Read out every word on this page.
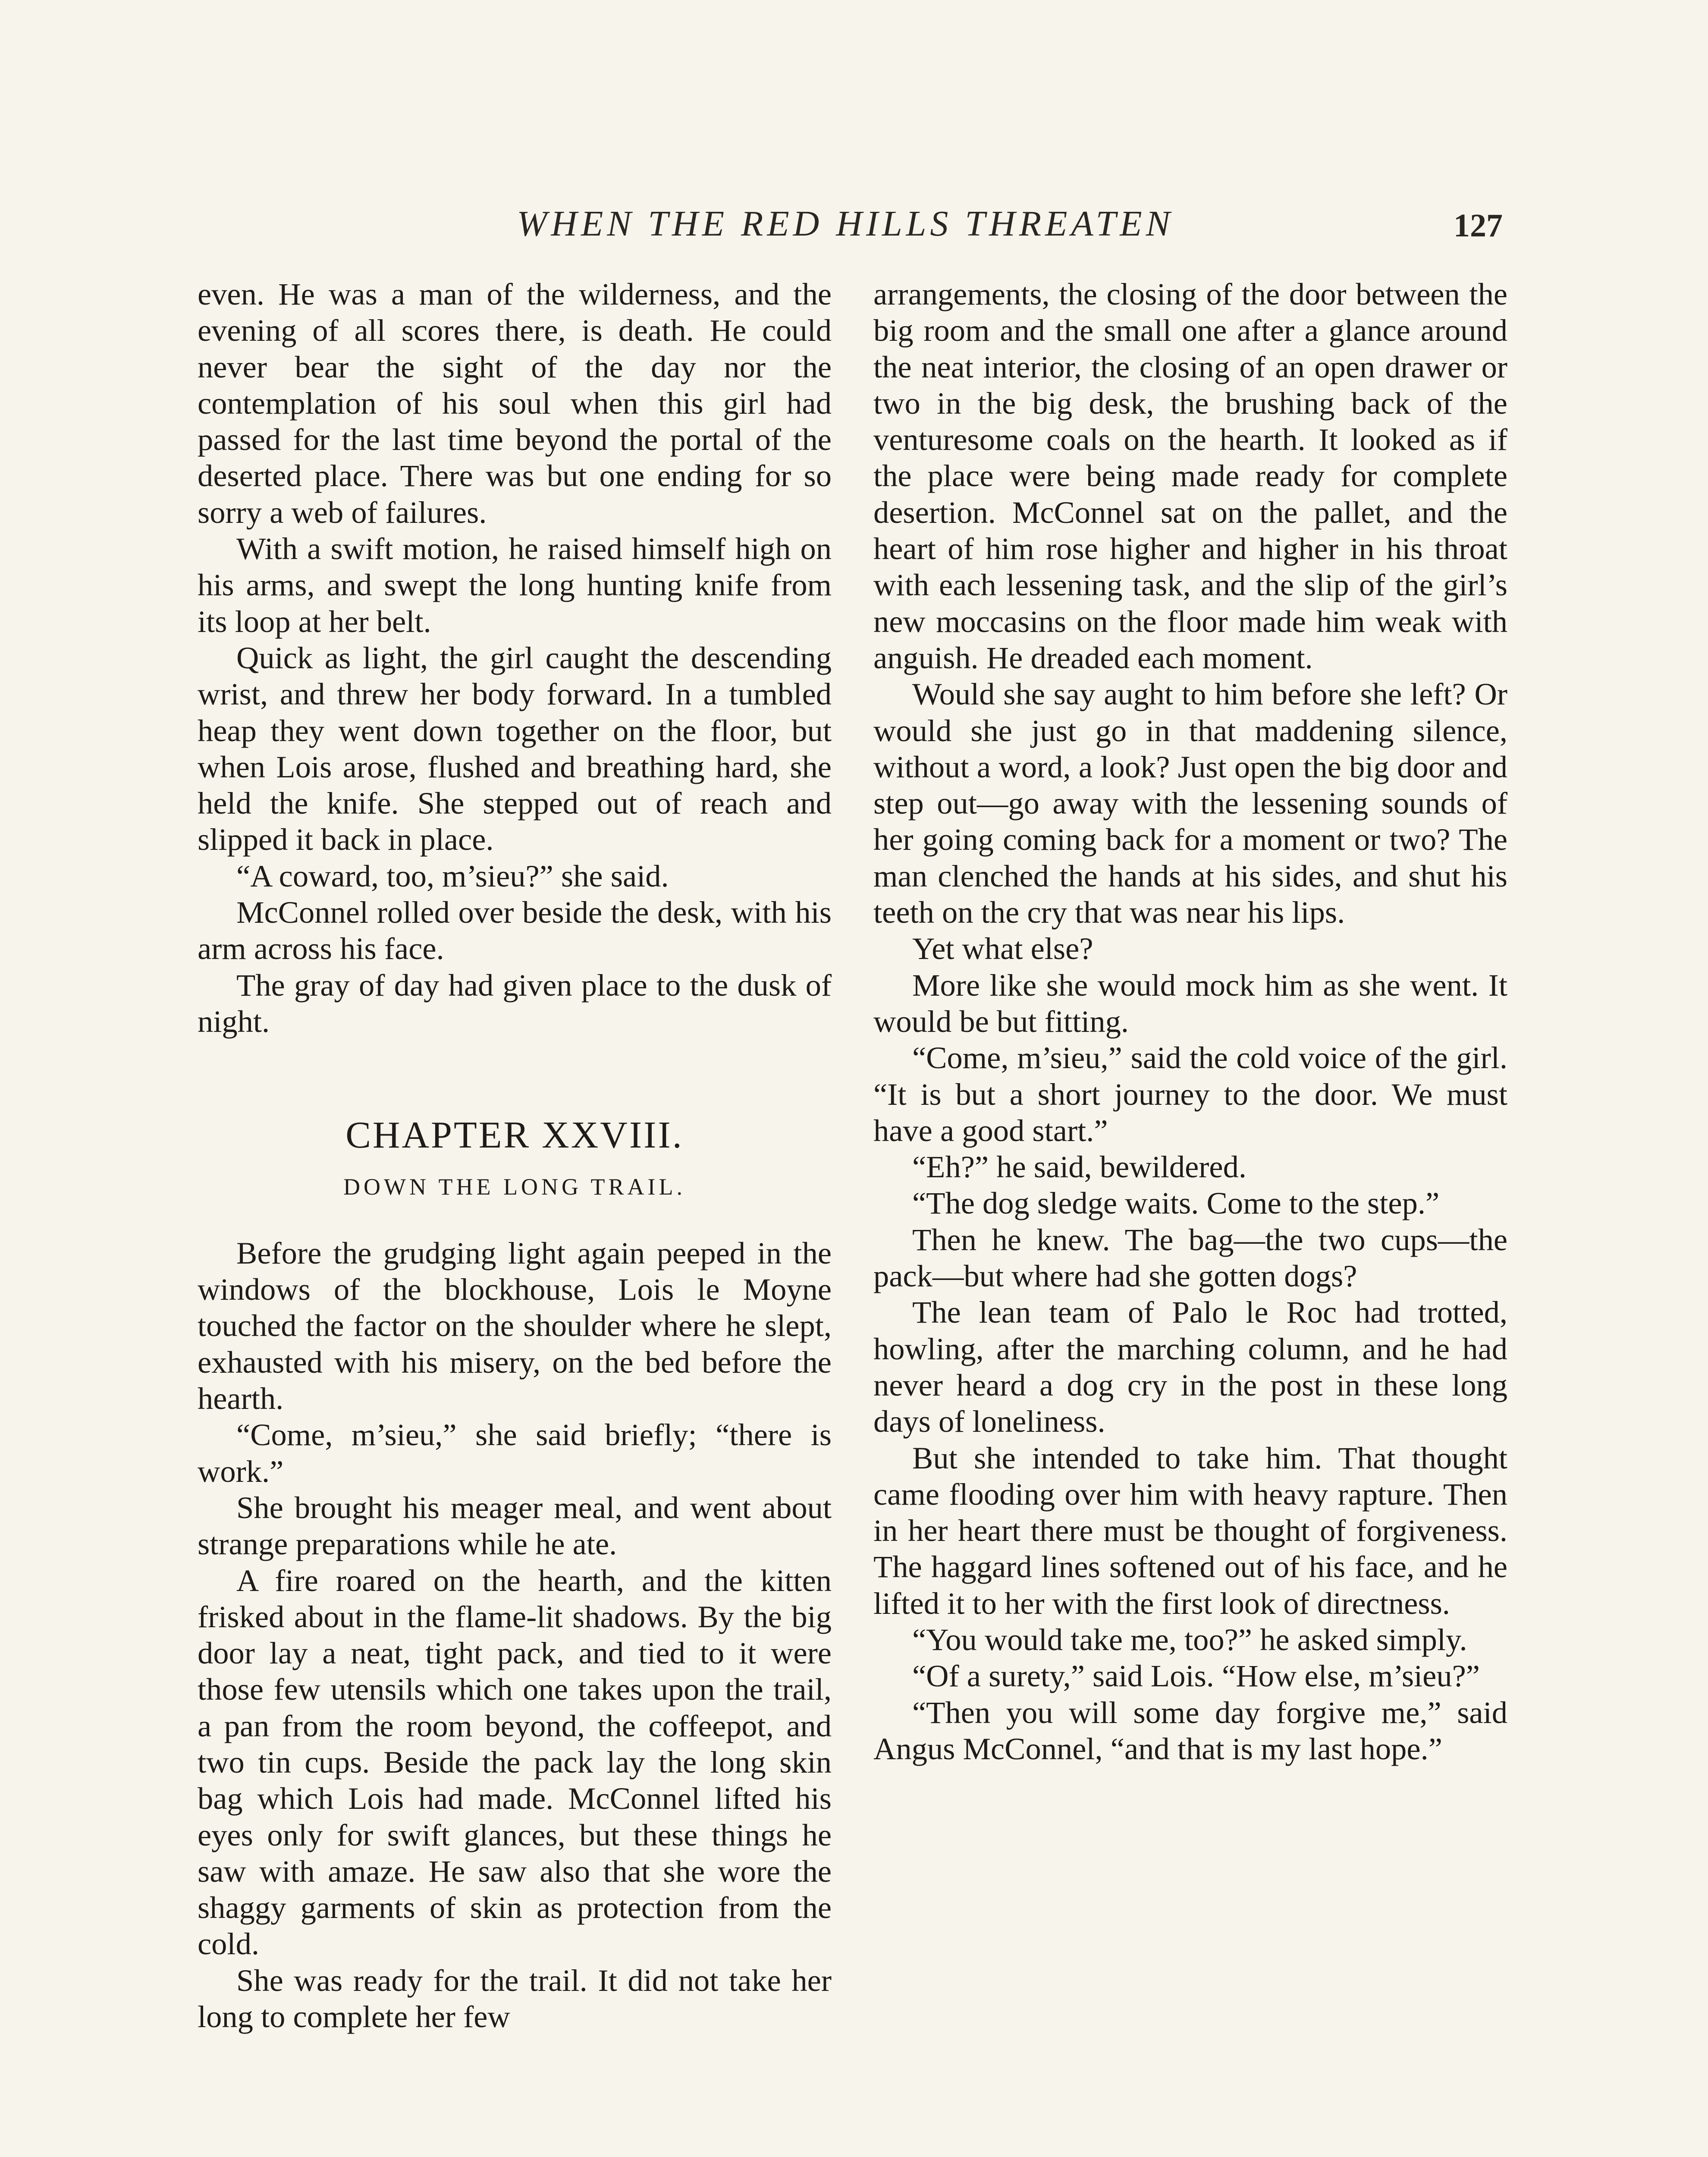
WHEN THE RED HILLS THREATEN	127

even. He was a man of the wilderness, and the evening of all scores there, is death. He could never bear the sight of the day nor the contemplation of his soul when this girl had passed for the last time beyond the portal of the deserted place. There was but one ending for so sorry a web of failures.

With a swift motion, he raised himself high on his arms, and swept the long hunting knife from its loop at her belt.

Quick as light, the girl caught the descending wrist, and threw her body forward. In a tumbled heap they went down together on the floor, but when Lois arose, flushed and breathing hard, she held the knife. She stepped out of reach and slipped it back in place.

“A coward, too, m’sieu?” she said.

McConnel rolled over beside the desk, with his arm across his face.

The gray of day had given place to the dusk of night.

CHAPTER XXVIII.
DOWN THE LONG TRAIL.

Before the grudging light again peeped in the windows of the blockhouse, Lois le Moyne touched the factor on the shoulder where he slept, exhausted with his misery, on the bed before the hearth.

“Come, m’sieu,” she said briefly; “there is work.”

She brought his meager meal, and went about strange preparations while he ate.

A fire roared on the hearth, and the kitten frisked about in the flame-lit shadows. By the big door lay a neat, tight pack, and tied to it were those few utensils which one takes upon the trail, a pan from the room beyond, the coffeepot, and two tin cups. Beside the pack lay the long skin bag which Lois had made. McConnel lifted his eyes only for swift glances, but these things he saw with amaze. He saw also that she wore the shaggy garments of skin as protection from the cold.

She was ready for the trail. It did not take her long to complete her few

arrangements, the closing of the door between the big room and the small one after a glance around the neat interior, the closing of an open drawer or two in the big desk, the brushing back of the venturesome coals on the hearth. It looked as if the place were being made ready for complete desertion. McConnel sat on the pallet, and the heart of him rose higher and higher in his throat with each lessening task, and the slip of the girl’s new moccasins on the floor made him weak with anguish. He dreaded each moment.

Would she say aught to him before she left? Or would she just go in that maddening silence, without a word, a look? Just open the big door and step out—go away with the lessening sounds of her going coming back for a moment or two? The man clenched the hands at his sides, and shut his teeth on the cry that was near his lips.

Yet what else?

More like she would mock him as she went. It would be but fitting.

“Come, m’sieu,” said the cold voice of the girl. “It is but a short journey to the door. We must have a good start.”

“Eh?” he said, bewildered.

“The dog sledge waits. Come to the step.”

Then he knew. The bag—the two cups—the pack—but where had she gotten dogs?

The lean team of Palo le Roc had trotted, howling, after the marching column, and he had never heard a dog cry in the post in these long days of loneliness.

But she intended to take him. That thought came flooding over him with heavy rapture. Then in her heart there must be thought of forgiveness. The haggard lines softened out of his face, and he lifted it to her with the first look of directness.

“You would take me, too?” he asked simply.

“Of a surety,” said Lois. “How else, m’sieu?”

“Then you will some day forgive me,” said Angus McConnel, “and that is my last hope.”
